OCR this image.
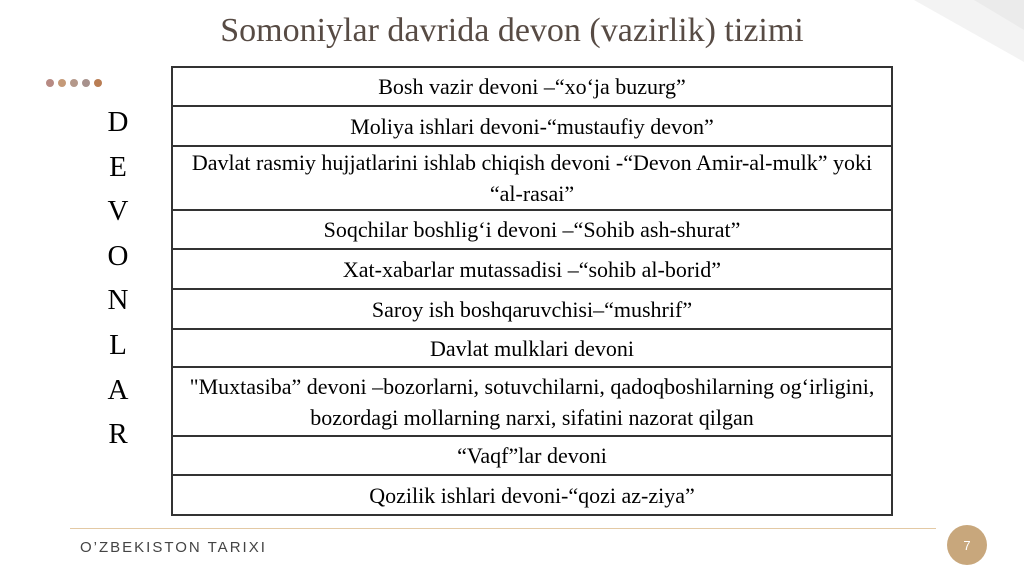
Somoniylar davrida devon (vazirlik) tizimi
D
E
V
O
N
L
A
R
Bosh vazir devoni –“xo‘ja buzurg”
Moliya ishlari devoni-“mustaufiy devon”
Davlat rasmiy hujjatlarini ishlab chiqish devoni -“Devon Amir-al-mulk” yoki “al-rasai”
Soqchilar boshlig‘i devoni –“Sohib ash-shurat”
Xat-xabarlar mutassadisi –“sohib al-borid”
Saroy ish boshqaruvchisi–“mushrif”
Davlat mulklari devoni
"Muxtasiba” devoni –bozorlarni, sotuvchilarni, qadoqboshilarning og‘irligini, bozordagi mollarning narxi, sifatini nazorat qilgan
“Vaqf”lar devoni
Qozilik ishlari devoni-“qozi az-ziya”
O’ZBEKISTON TARIXI	7
